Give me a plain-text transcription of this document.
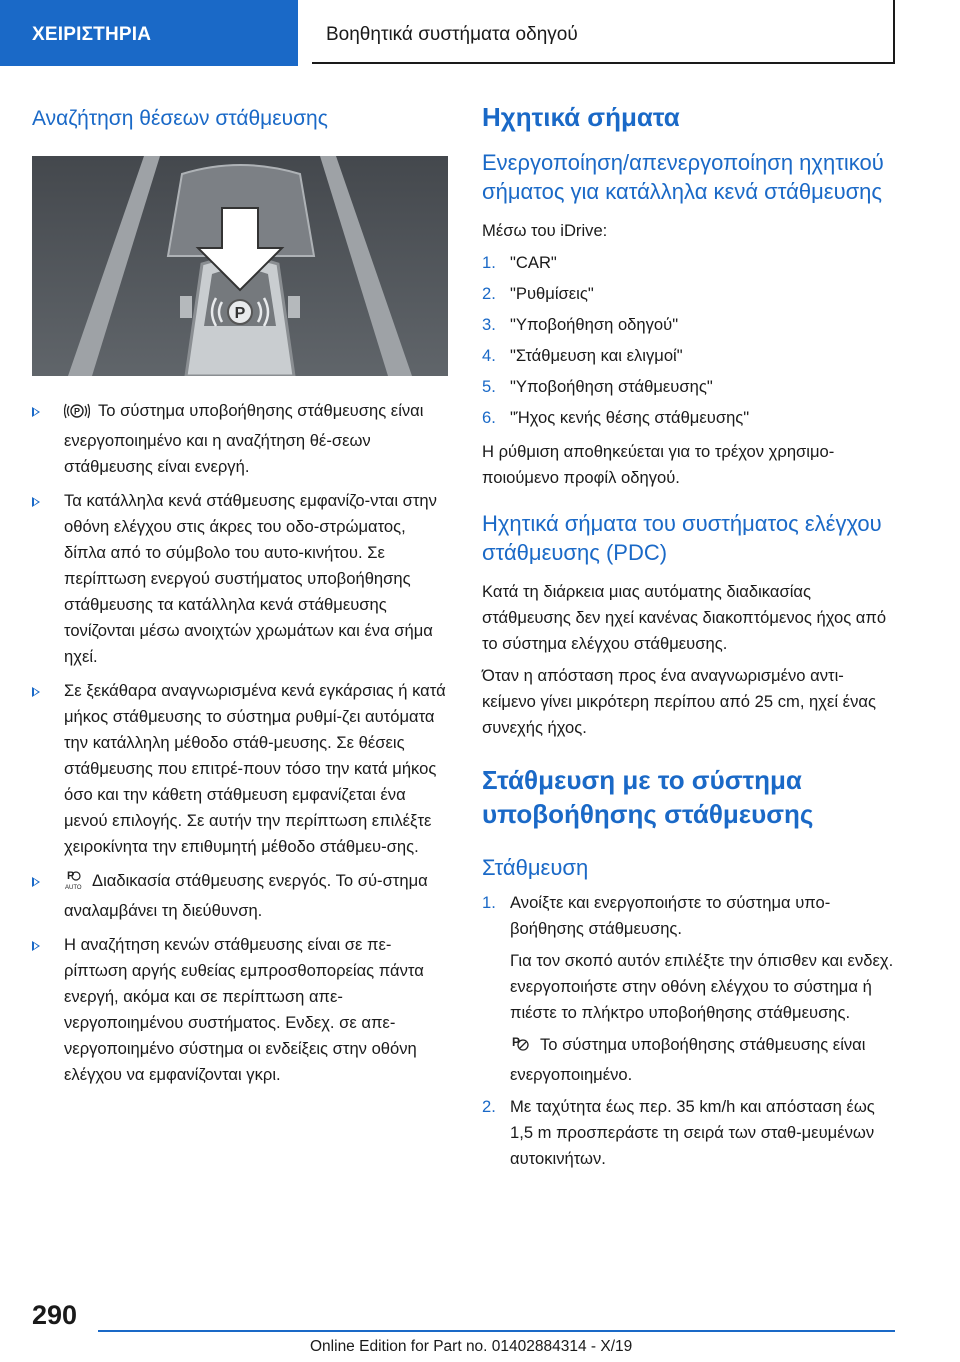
ΧΕΙΡΙΣΤΗΡΙΑ	Βοηθητικά συστήματα οδηγού
Αναζήτηση θέσεων στάθμευσης
P
P Το σύστημα υποβοήθησης στάθμευσης είναι ενεργοποιημένο και η αναζήτηση θέ-σεων στάθμευσης είναι ενεργή.
Τα κατάλληλα κενά στάθμευσης εμφανίζο-νται στην οθόνη ελέγχου στις άκρες του οδο-στρώματος, δίπλα από το σύμβολο του αυτο-κινήτου. Σε περίπτωση ενεργού συστήματος υποβοήθησης στάθμευσης τα κατάλληλα κενά στάθμευσης τονίζονται μέσω ανοιχτών χρωμάτων και ένα σήμα ηχεί.
Σε ξεκάθαρα αναγνωρισμένα κενά εγκάρσιας ή κατά μήκος στάθμευσης το σύστημα ρυθμί-ζει αυτόματα την κατάλληλη μέθοδο στάθ-μευσης. Σε θέσεις στάθμευσης που επιτρέ-πουν τόσο την κατά μήκος όσο και την κάθετη στάθμευση εμφανίζεται ένα μενού επιλογής. Σε αυτήν την περίπτωση επιλέξτε χειροκίνητα την επιθυμητή μέθοδο στάθμευ-σης.
P
AUTO Διαδικασία στάθμευσης ενεργός. Το σύ-στημα αναλαμβάνει τη διεύθυνση.
Η αναζήτηση κενών στάθμευσης είναι σε πε-ρίπτωση αργής ευθείας εμπροσθοπορείας πάντα ενεργή, ακόμα και σε περίπτωση απε-νεργοποιημένου συστήματος. Ενδεχ. σε απε-νεργοποιημένο σύστημα οι ενδείξεις στην οθόνη ελέγχου να εμφανίζονται γκρι.
Ηχητικά σήματα
Ενεργοποίηση/απενεργοποίηση ηχητικού σήματος για κατάλληλα κενά στάθμευσης

Μέσω του iDrive:

1. "CAR"
2. "Ρυθμίσεις"
3. "Υποβοήθηση οδηγού"
4. "Στάθμευση και ελιγμοί"
5. "Υποβοήθηση στάθμευσης"
6. "Ήχος κενής θέσης στάθμευσης"

Η ρύθμιση αποθηκεύεται για το τρέχον χρησιμο-ποιούμενο προφίλ οδηγού.

Ηχητικά σήματα του συστήματος ελέγχου στάθμευσης (PDC)

Κατά τη διάρκεια μιας αυτόματης διαδικασίας στάθμευσης δεν ηχεί κανένας διακοπτόμενος ήχος από το σύστημα ελέγχου στάθμευσης.

Όταν η απόσταση προς ένα αναγνωρισμένο αντι-κείμενο γίνει μικρότερη περίπου από 25 cm, ηχεί ένας συνεχής ήχος.

Στάθμευση με το σύστημα υποβοήθησης στάθμευσης
Στάθμευση
1. Ανοίξτε και ενεργοποιήστε το σύστημα υπο-βοήθησης στάθμευσης.

Για τον σκοπό αυτόν επιλέξτε την όπισθεν και ενδεχ. ενεργοποιήστε στην οθόνη ελέγχου το σύστημα ή πιέστε το πλήκτρο υποβοήθησης στάθμευσης.

P Το σύστημα υποβοήθησης στάθμευσης είναι ενεργοποιημένο.

2. Με ταχύτητα έως περ. 35 km/h και απόσταση έως 1,5 m προσπεράστε τη σειρά των σταθ-μευμένων αυτοκινήτων.
290
Online Edition for Part no. 01402884314 - X/19
